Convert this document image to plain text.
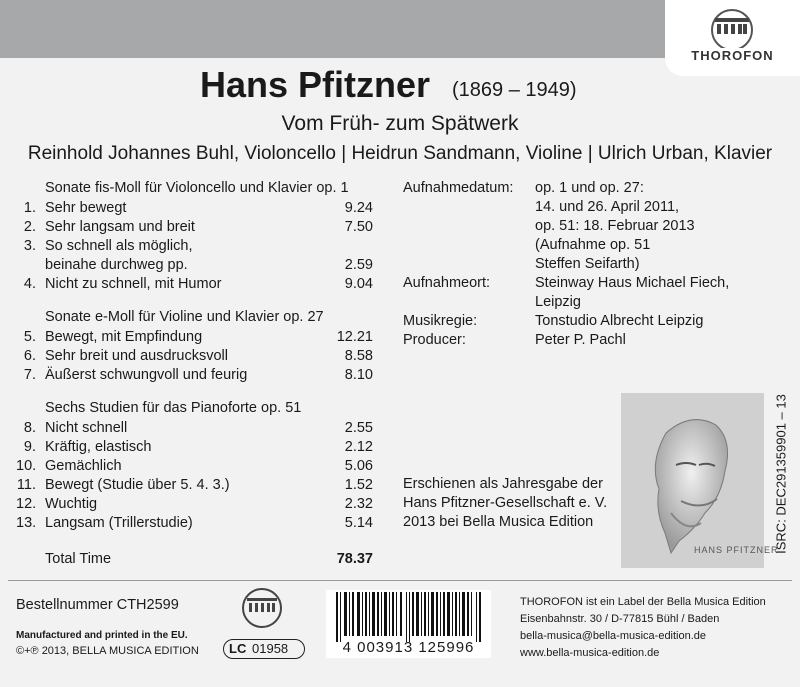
THOROFON
Hans Pfitzner (1869 – 1949)
Vom Früh- zum Spätwerk
Reinhold Johannes Buhl, Violoncello | Heidrun Sandmann, Violine | Ulrich Urban, Klavier
Sonate fis-Moll für Violoncello und Klavier op. 1
1. Sehr bewegt	9.24
2. Sehr langsam und breit	7.50
3. So schnell als möglich,
beinahe durchweg pp.	2.59
4. Nicht zu schnell, mit Humor	9.04
Sonate e-Moll für Violine und Klavier op. 27
5. Bewegt, mit Empfindung	12.21
6. Sehr breit und ausdrucksvoll	8.58
7. Äußerst schwungvoll und feurig	8.10
Sechs Studien für das Pianoforte op. 51
8. Nicht schnell	2.55
9. Kräftig, elastisch	2.12
10. Gemächlich	5.06
11. Bewegt (Studie über 5. 4. 3.)	1.52
12. Wuchtig	2.32
13. Langsam (Trillerstudie)	5.14
Total Time	78.37
Aufnahmedatum: op. 1 und op. 27:
14. und 26. April 2011,
op. 51: 18. Februar 2013
(Aufnahme op. 51
Steffen Seifarth)
Aufnahmeort:	Steinway Haus Michael Fiech,
Leipzig
Musikregie:	Tonstudio Albrecht Leipzig
Producer:	Peter P. Pachl
HANS PFITZNER
ISRC: DEC291359901 – 13
Erschienen als Jahresgabe der
Hans Pfitzner-Gesellschaft e. V.
2013 bei Bella Musica Edition
Bestellnummer CTH2599
Manufactured and printed in the EU.
©+℗ 2013, BELLA MUSICA EDITION LC 01958	4 003913 125996
THOROFON ist ein Label der Bella Musica Edition
Eisenbahnstr. 30 / D-77815 Bühl / Baden
bella-musica@bella-musica-edition.de
www.bella-musica-edition.de
